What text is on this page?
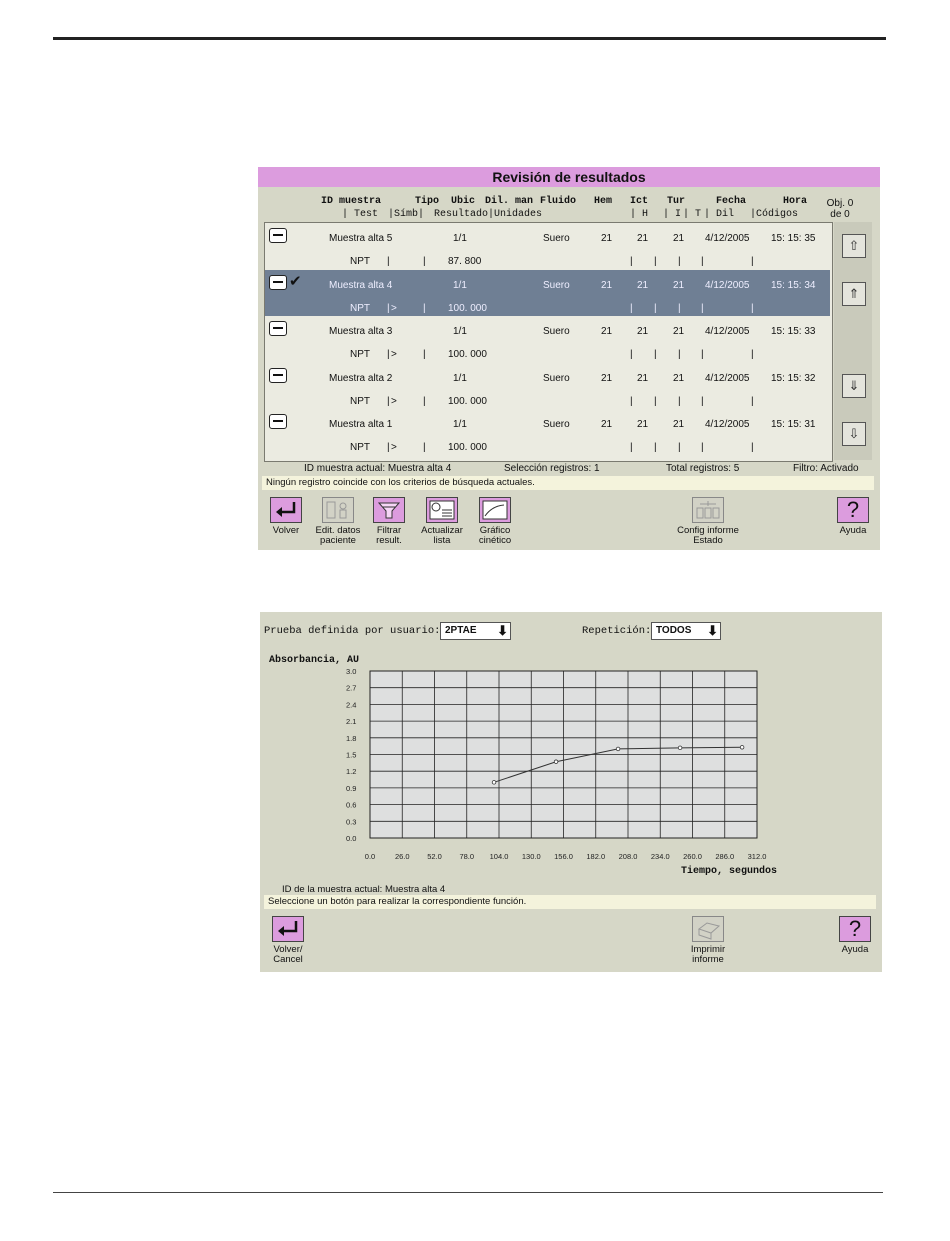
Revisión de resultados
ID muestra	Tipo Ubic Dil. man Fluido Hem Ict Tur	Fecha	Hora
| Test |Símb| Resultado|Unidades	| H | I | T | Dil |Códigos
Obj. 0
de 0
Muestra alta 5	1/1	Suero	21 21 21 4/12/2005 15: 15: 35
NPT	87. 800
|	|	| | | |	|
✔	Muestra alta 4	1/1	Suero	21 21 21 4/12/2005 15: 15: 34
NPT >	100. 000
|	|	| | | |	|
Muestra alta 3	1/1	Suero	21 21 21 4/12/2005 15: 15: 33
NPT >	100. 000
|	|	| | | |	|
Muestra alta 2	1/1	Suero	21 21 21 4/12/2005 15: 15: 32
NPT >	100. 000
|	|	| | | |	|
Muestra alta 1	1/1	Suero	21 21 21 4/12/2005 15: 15: 31
NPT >	100. 000
|	|	| | | |	|
⇧
⇑
⇓
⇩
ID muestra actual: Muestra alta 4	Selección registros: 1	Total registros: 5	Filtro: Activado
Ningún registro coincide con los criterios de búsqueda actuales.
Volver	Edit. datos
paciente
Filtrar
result.
Actualizar
lista
Gráfico
cinético
Config informe
Estado
?
Ayuda
Prueba definida por usuario: 2PTAE ⬇	Repetición: TODOS ⬇
Absorbancia, AU
Tiempo, segundos
0.0	26.0 52.0 78.0 104.0 130.0 156.0 182.0 208.0 234.0 260.0 286.0 312.0
0.0
0.3
0.6
0.9
1.2
1.5
1.8
2.1
2.4
2.7
3.0
ID de la muestra actual: Muestra alta 4
Seleccione un botón para realizar la correspondiente función.
Volver/
Cancel
Imprimir
informe
?
Ayuda
